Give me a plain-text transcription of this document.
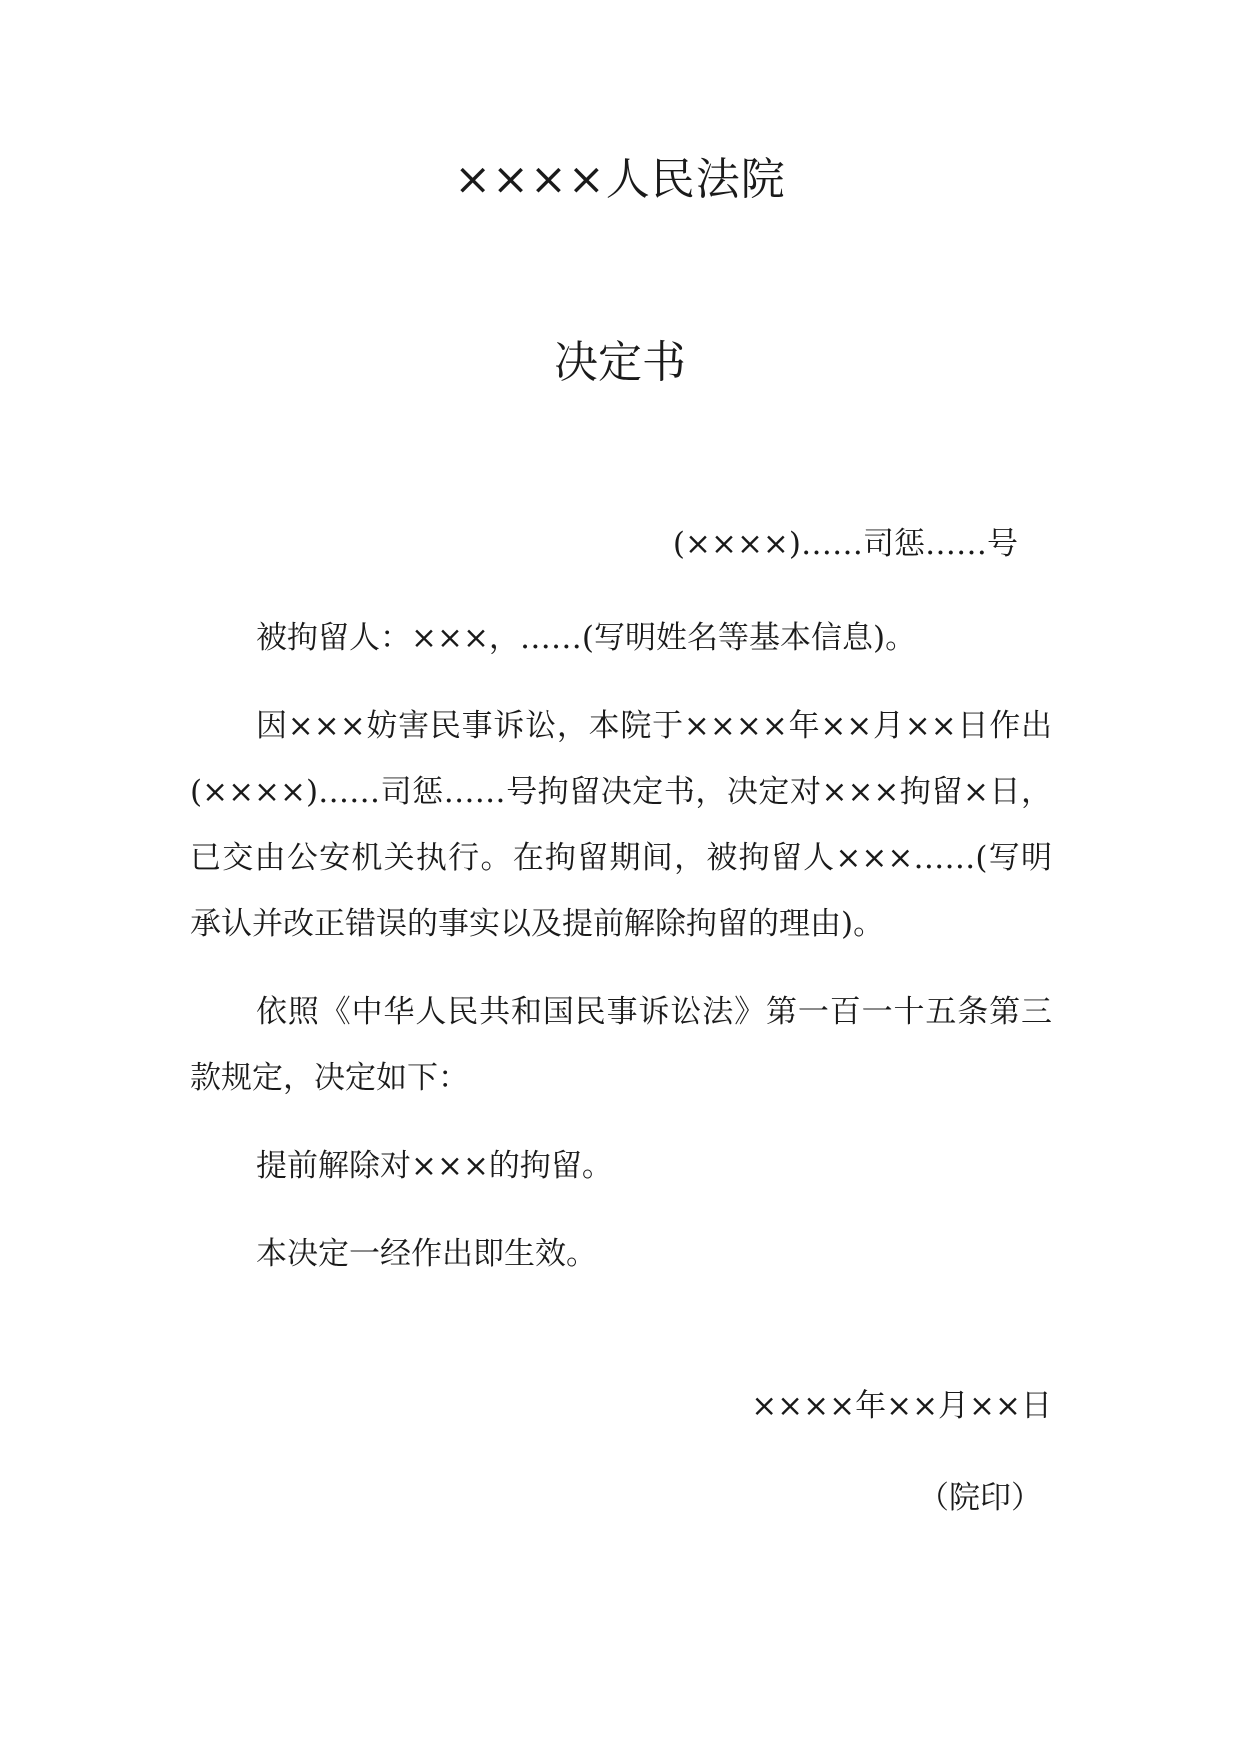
××××人民法院
决定书
(××××)……司惩……号

被拘留人：×××，……(写明姓名等基本信息)。

因×××妨害民事诉讼，本院于××××年××月××日作出(××××)……司惩……号拘留决定书，决定对×××拘留×日，已交由公安机关执行。在拘留期间，被拘留人×××……(写明承认并改正错误的事实以及提前解除拘留的理由)。

依照《中华人民共和国民事诉讼法》第一百一十五条第三款规定，决定如下：

提前解除对×××的拘留。

本决定一经作出即生效。

××××年××月××日
（院印）
